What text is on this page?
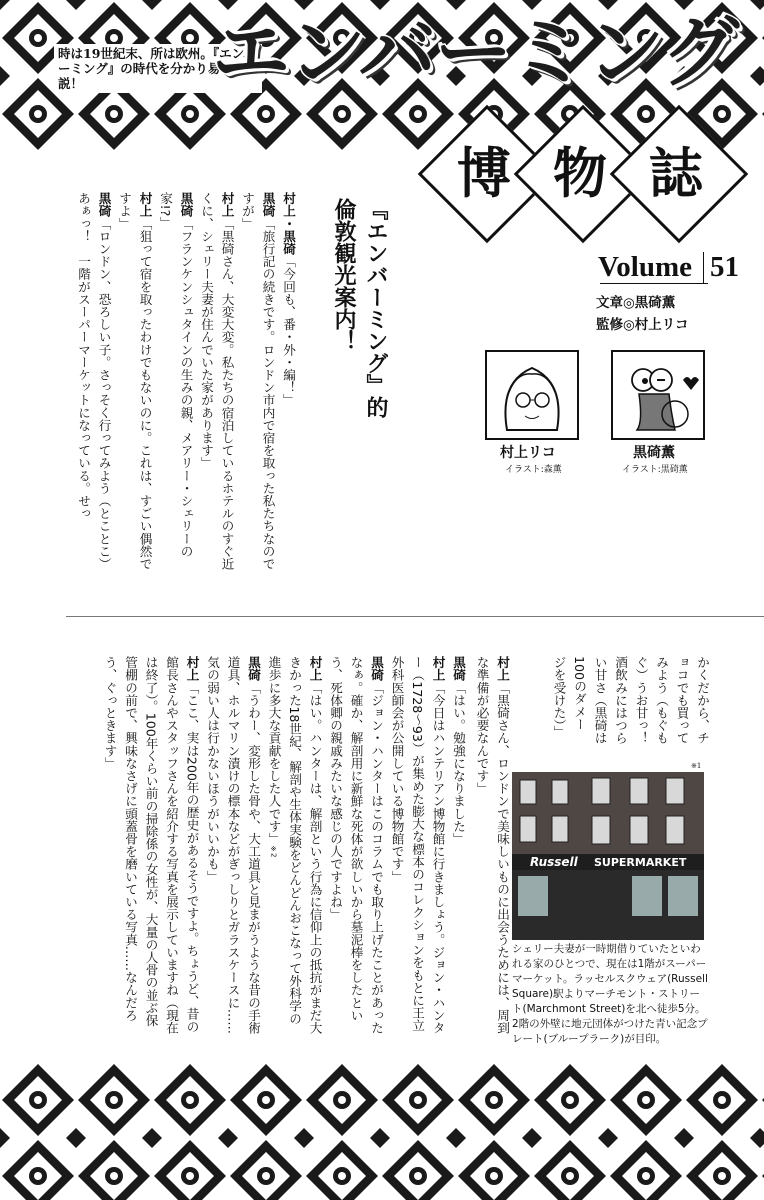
時は19世紀末、所は欧州。『エンバーミング』の時代を分かり易く解説！	エンバーミング
博 物 誌
Volume 51
文章◎黒碕薫
監修◎村上リコ
村上リコ
イラスト:森薫
黒碕薫
イラスト:黒碕薫
『エンバーミング』的
倫敦観光案内！

村上・黒碕「今回も、番・外・編！」

黒碕「旅行記の続きです。ロンドン市内で宿を取った私たちなのですが」

村上「黒碕さん、大変大変。私たちの宿泊しているホテルのすぐ近くに、シェリー夫妻が住んでいた家があります」

黒碕「フランケンシュタインの生みの親、メアリー・シェリーの家!?」

村上「狙って宿を取ったわけでもないのに。これは、すごい偶然ですよ」

黒碕「ロンドン、恐ろしい子。さっそく行ってみよう（とことこ）あぁっ！　一階がスーパーマーケットになっている。せっ

かくだから、チ

ョコでも買って

みよう（もぐも

ぐ）うお甘っ！

酒飲みにはつら

い甘さ（黒碕は

100のダメー

ジを受けた）」

※1

村上「黒碕さん、ロンドンで美味しいものに出会うためには、周到な準備が必要なんです」

黒碕「はい。勉強になりました」

村上「今日はハンテリアン博物館に行きましょう。ジョン・ハンター（1728〜93）が集めた膨大な標本のコレクションをもとに王立外科医師会が公開している博物館です」

黒碕「ジョン・ハンターはこのコラムでも取り上げたことがあったなぁ。確か、解剖用に新鮮な死体が欲しいから墓泥棒をしたという、死体卿の親戚みたいな感じの人ですよね」

村上「はい。ハンターは、解剖という行為に信仰上の抵抗がまだ大きかった18世紀、解剖や生体実験をどんどんおこなって外科学の進歩に多大な貢献をした人です」※2

黒碕「うわー、変形した骨や、大工道具と見まがうような昔の手術道具、ホルマリン漬けの標本などがぎっしりとガラスケースに……気の弱い人は行かないほうがいいかも」

村上「ここ、実は200年の歴史があるそうですよ。ちょうど、昔の館長さんやスタッフさんを紹介する写真を展示していますね（現在は終了）。100年くらい前の掃除係の女性が、大量の人骨の並ぶ保管棚の前で、興味なさげに頭蓋骨を磨いている写真……なんだろう、ぐっときます」

Russell SUPERMARKET
シェリー夫妻が一時期借りていたといわれる家のひとつで、現在は1階がスーパーマーケット。ラッセルスクウェア(Russell Square)駅よりマーチモント・ストリート(Marchmont Street)を北へ徒歩5分。2階の外壁に地元団体がつけた青い記念プレート(ブループラーク)が目印。
